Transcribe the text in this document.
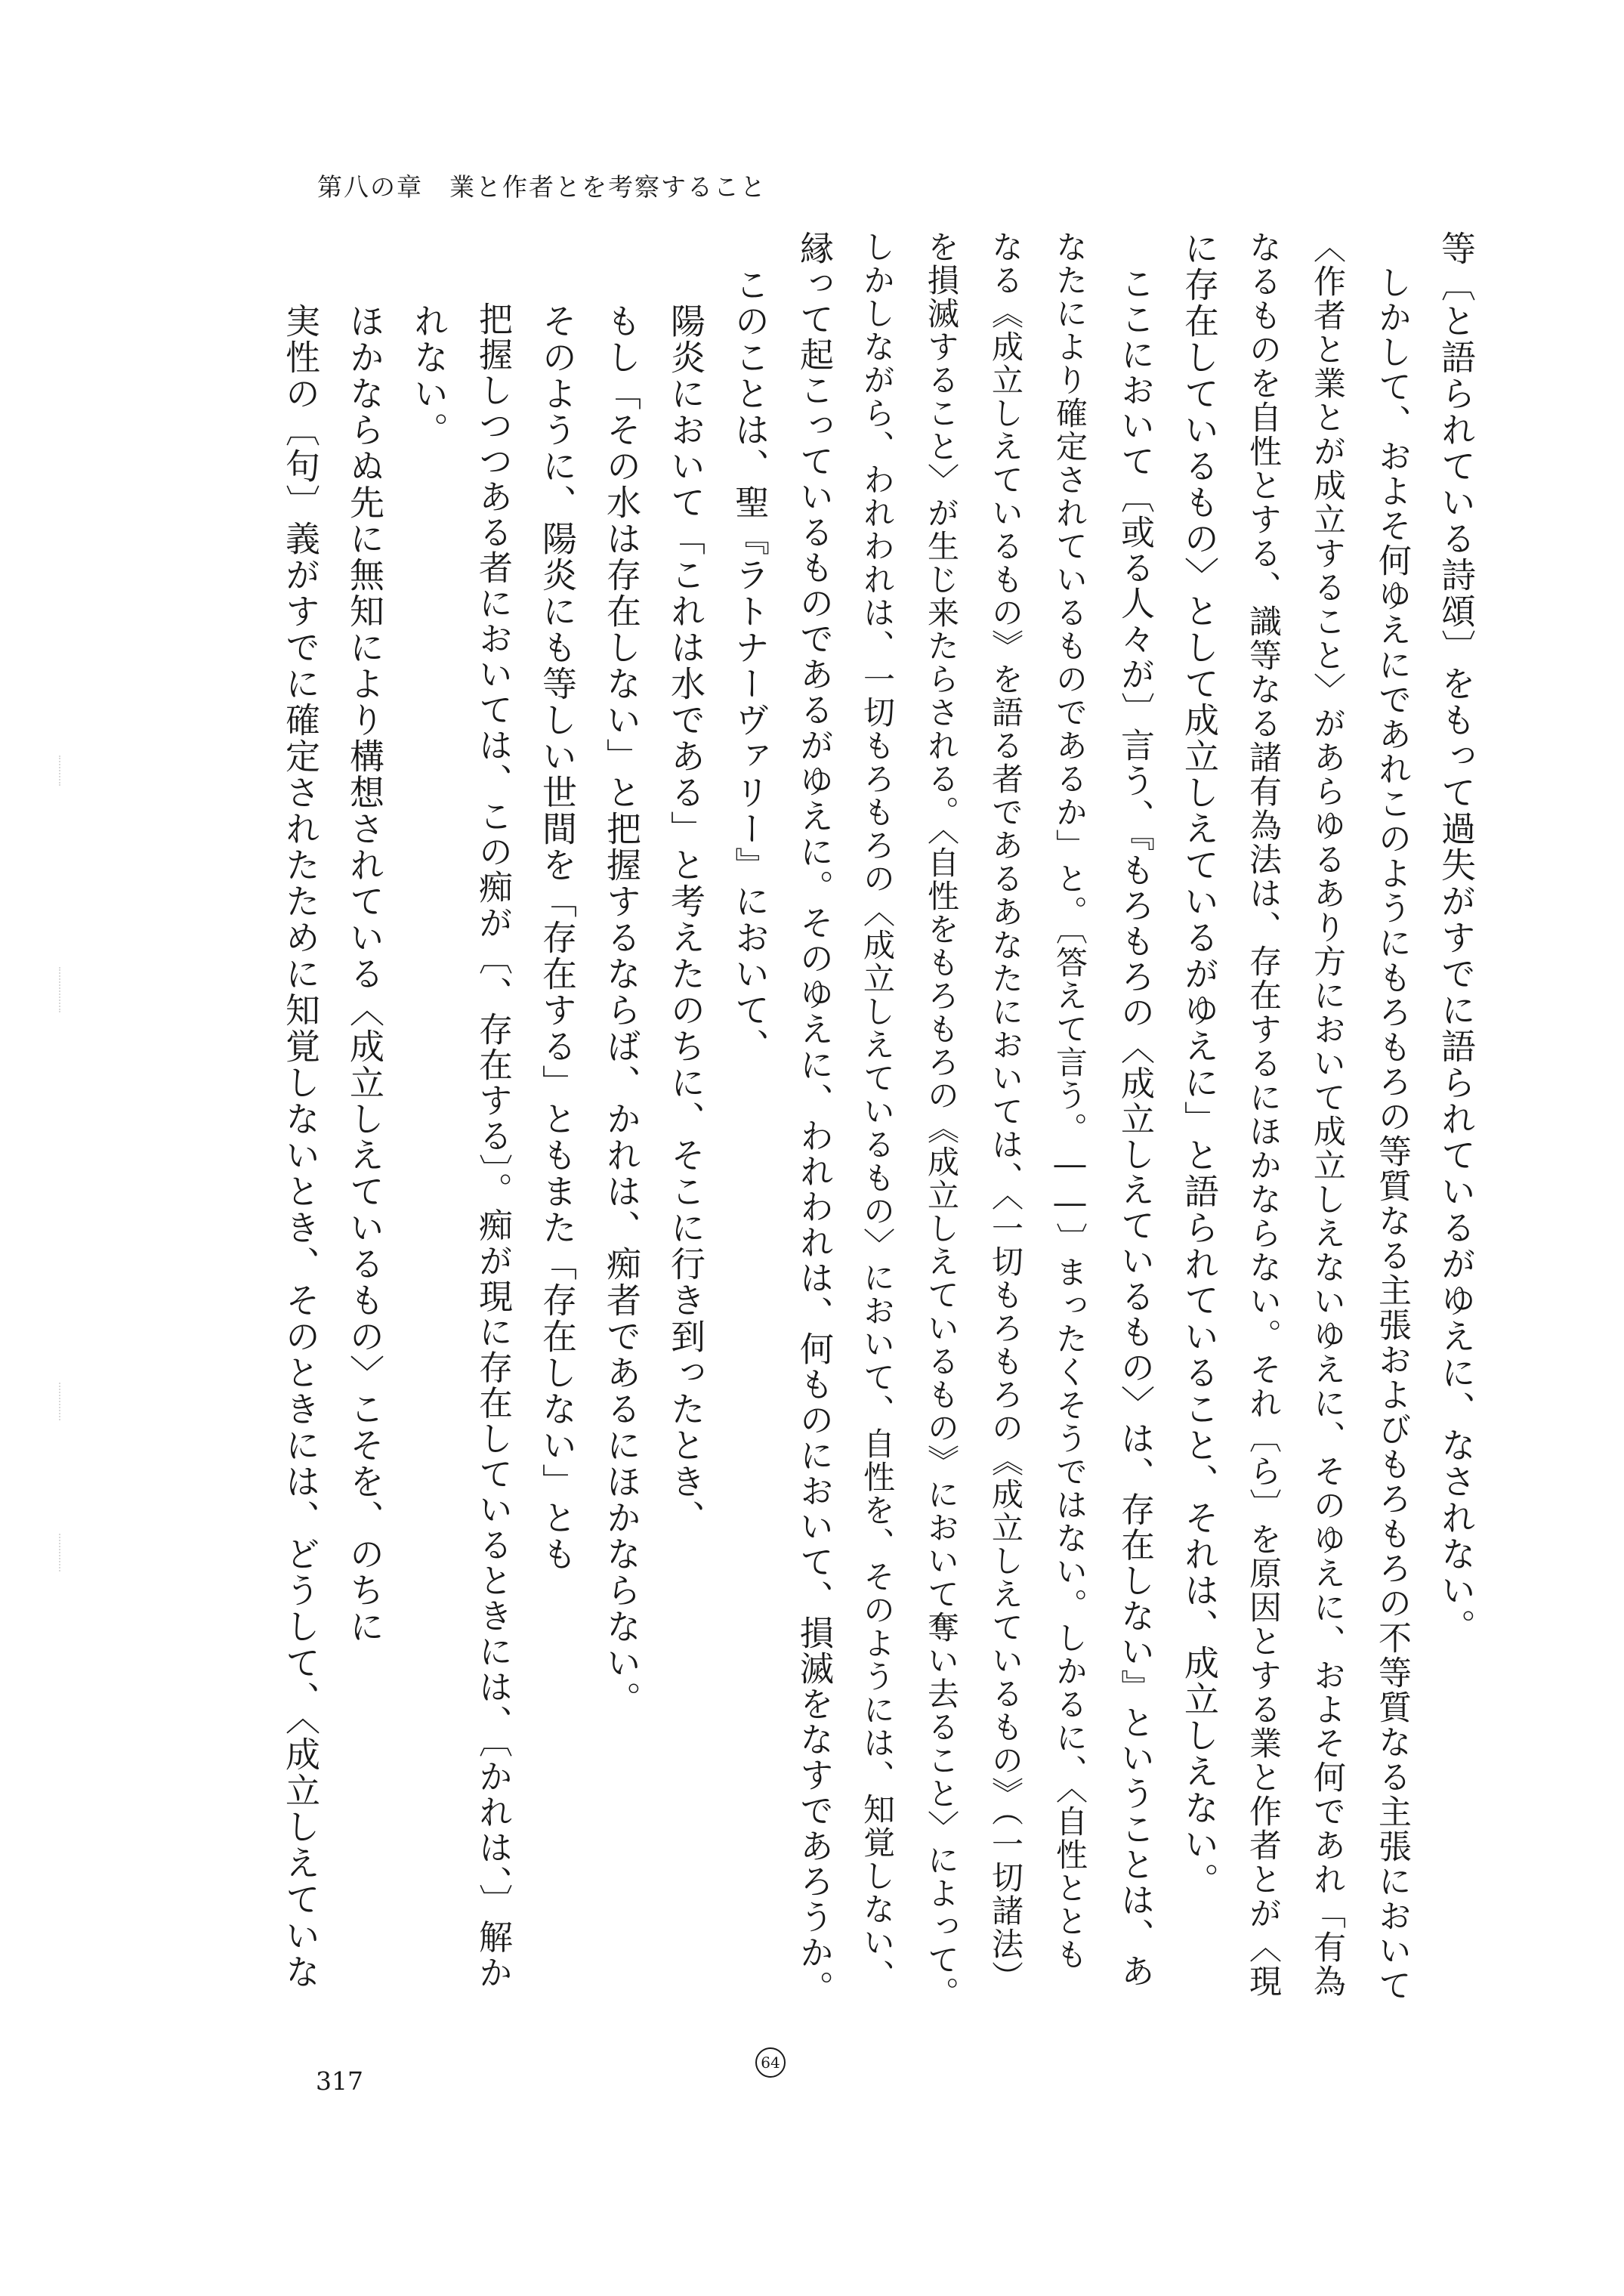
第八の章　業と作者とを考察すること
等〔と語られている詩頌〕をもって過失がすでに語られているがゆえに、なされない。
　しかして、およそ何ゆえにであれこのようにもろもろの等質なる主張およびもろもろの不等質なる主張において
〈作者と業とが成立すること〉があらゆるあり方において成立しえないゆえに、そのゆえに、およそ何であれ「有為
なるものを自性とする、識等なる諸有為法は、存在するにほかならない。それ〔ら〕を原因とする業と作者とが〈現
に存在しているもの〉として成立しえているがゆえに」と語られていること、それは、成立しえない。
　ここにおいて〔或る人々が〕言う、『もろもろの〈成立しえているもの〉は、存在しない』ということは、あ
なたにより確定されているものであるか」と。〔答えて言う。――〕まったくそうではない。しかるに、〈自性ととも
なる《成立しえているもの》を語る者であるあなたにおいては、〈一切もろもろの《成立しえているもの》（一切諸法）
を損滅すること〉が生じ来たらされる。〈自性をもろもろの《成立しえているもの》において奪い去ること〉によって。
しかしながら、われわれは、一切もろもろの〈成立しえているもの〉において、自性を、そのようには、知覚しない、
縁って起こっているものであるがゆえに。そのゆえに、われわれは、何ものにおいて、損滅をなすであろうか。
　このことは、聖『ラトナーヴァリー』において、
　　陽炎において「これは水である」と考えたのちに、そこに行き到ったとき、
　　もし「その水は存在しない」と把握するならば、かれは、痴者であるにほかならない。
　　そのように、陽炎にも等しい世間を「存在する」ともまた「存在しない」とも
　　把握しつつある者においては、この痴が〔、存在する〕。痴が現に存在しているときには、〔かれは、〕解か
　　れない。
　　ほかならぬ先に無知により構想されている〈成立しえているもの〉こそを、のちに
　　実性の〔句〕義がすでに確定されたために知覚しないとき、そのときには、どうして、〈成立しえていな
64
317
